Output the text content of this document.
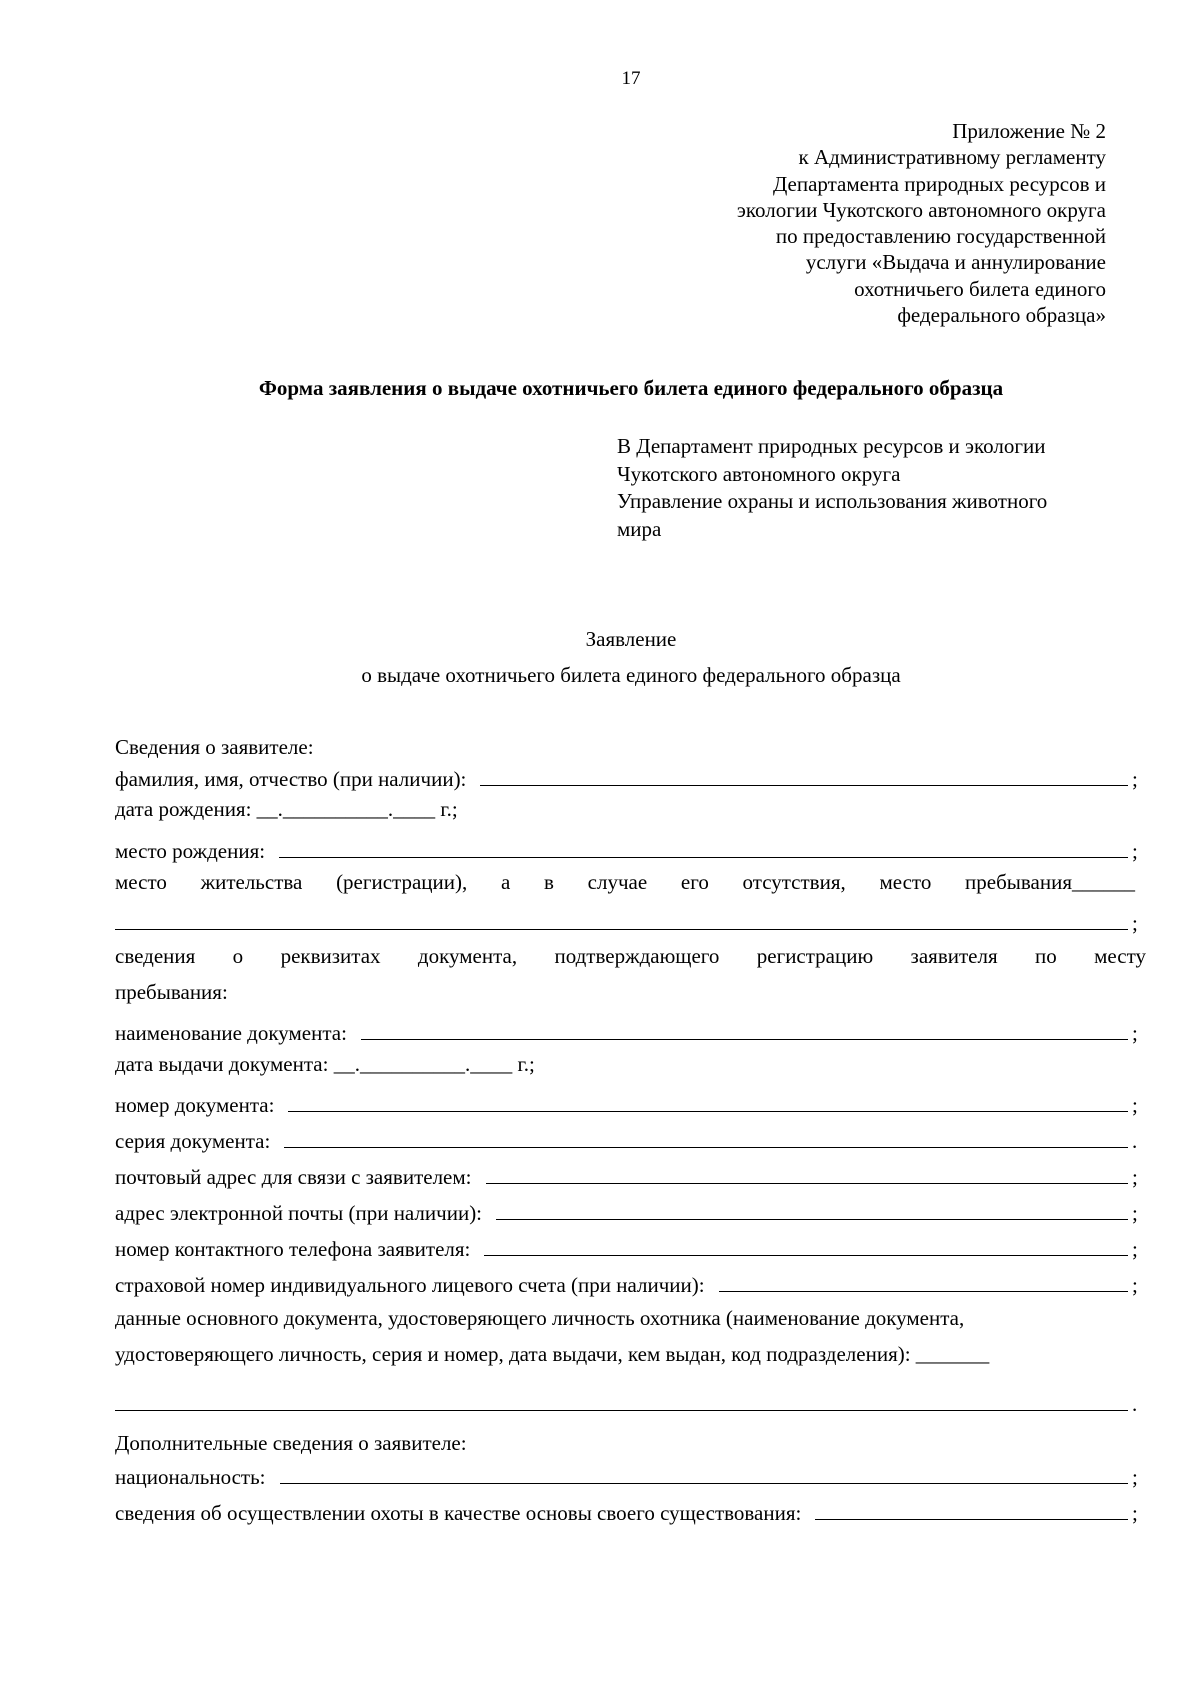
17
Приложение № 2
к Административному регламенту
Департамента природных ресурсов и
экологии Чукотского автономного округа
по предоставлению государственной
услуги «Выдача и аннулирование
охотничьего билета единого
федерального образца»
Форма заявления о выдаче охотничьего билета единого федерального образца
В Департамент природных ресурсов и экологии
Чукотского автономного округа
Управление охраны и использования животного
мира
Заявление
о выдаче охотничьего билета единого федерального образца
Сведения о заявителе:
фамилия, имя, отчество (при наличии):	;
дата рождения: __.__________.____ г.;
место рождения:	;
место жительства (регистрации), а в случае его отсутствия, место пребывания______
;
сведения о реквизитах документа, подтверждающего регистрацию заявителя по месту
пребывания:
наименование документа:	;
дата выдачи документа: __.__________.____ г.;
номер документа:	;
серия документа:	.
почтовый адрес для связи с заявителем:	;
адрес электронной почты (при наличии):	;
номер контактного телефона заявителя:	;
страховой номер индивидуального лицевого счета (при наличии):	;
данные основного документа, удостоверяющего личность охотника (наименование документа,
удостоверяющего личность, серия и номер, дата выдачи, кем выдан, код подразделения): _______
.
Дополнительные сведения о заявителе:
национальность:	;
сведения об осуществлении охоты в качестве основы своего существования:	;
